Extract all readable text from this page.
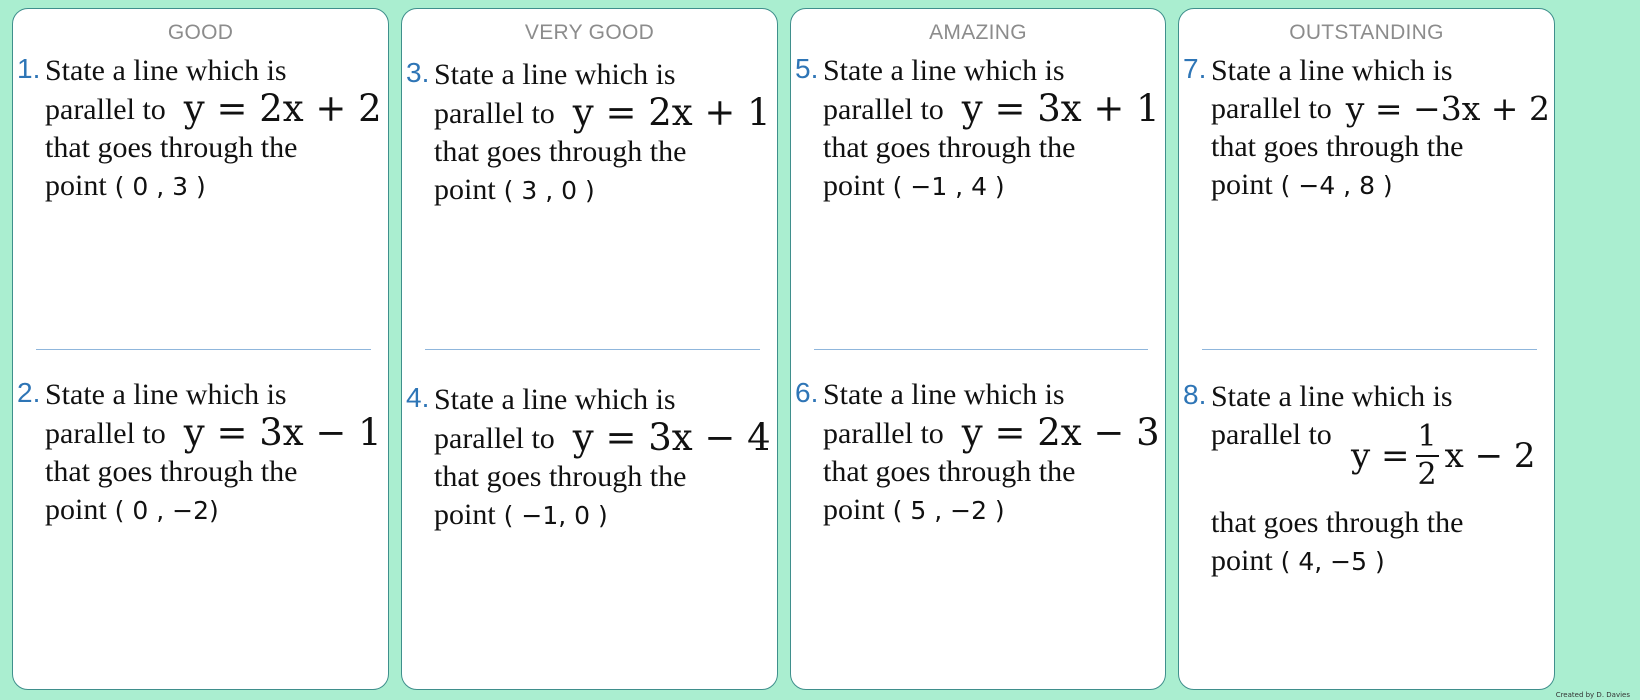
GOOD
1. State a line which is
parallel to y = 2x + 2
that goes through the
point ( 0 , 3 )
2. State a line which is
parallel to y = 3x − 1
that goes through the
point ( 0 , −2)
VERY GOOD
3. State a line which is
parallel to y = 2x + 1
that goes through the
point ( 3 , 0 )
4. State a line which is
parallel to y = 3x − 4
that goes through the
point ( −1, 0 )
AMAZING
5. State a line which is
parallel to y = 3x + 1
that goes through the
point ( −1 , 4 )
6. State a line which is
parallel to y = 2x − 3
that goes through the
point ( 5 , −2 )
OUTSTANDING
7. State a line which is
parallel to y = −3x + 2
that goes through the
point ( −4 , 8 )
8. State a line which is
parallel to
$y = \frac{1}{2}$ x − 2
that goes through the
point ( 4, −5 )
Created by D. Davies
